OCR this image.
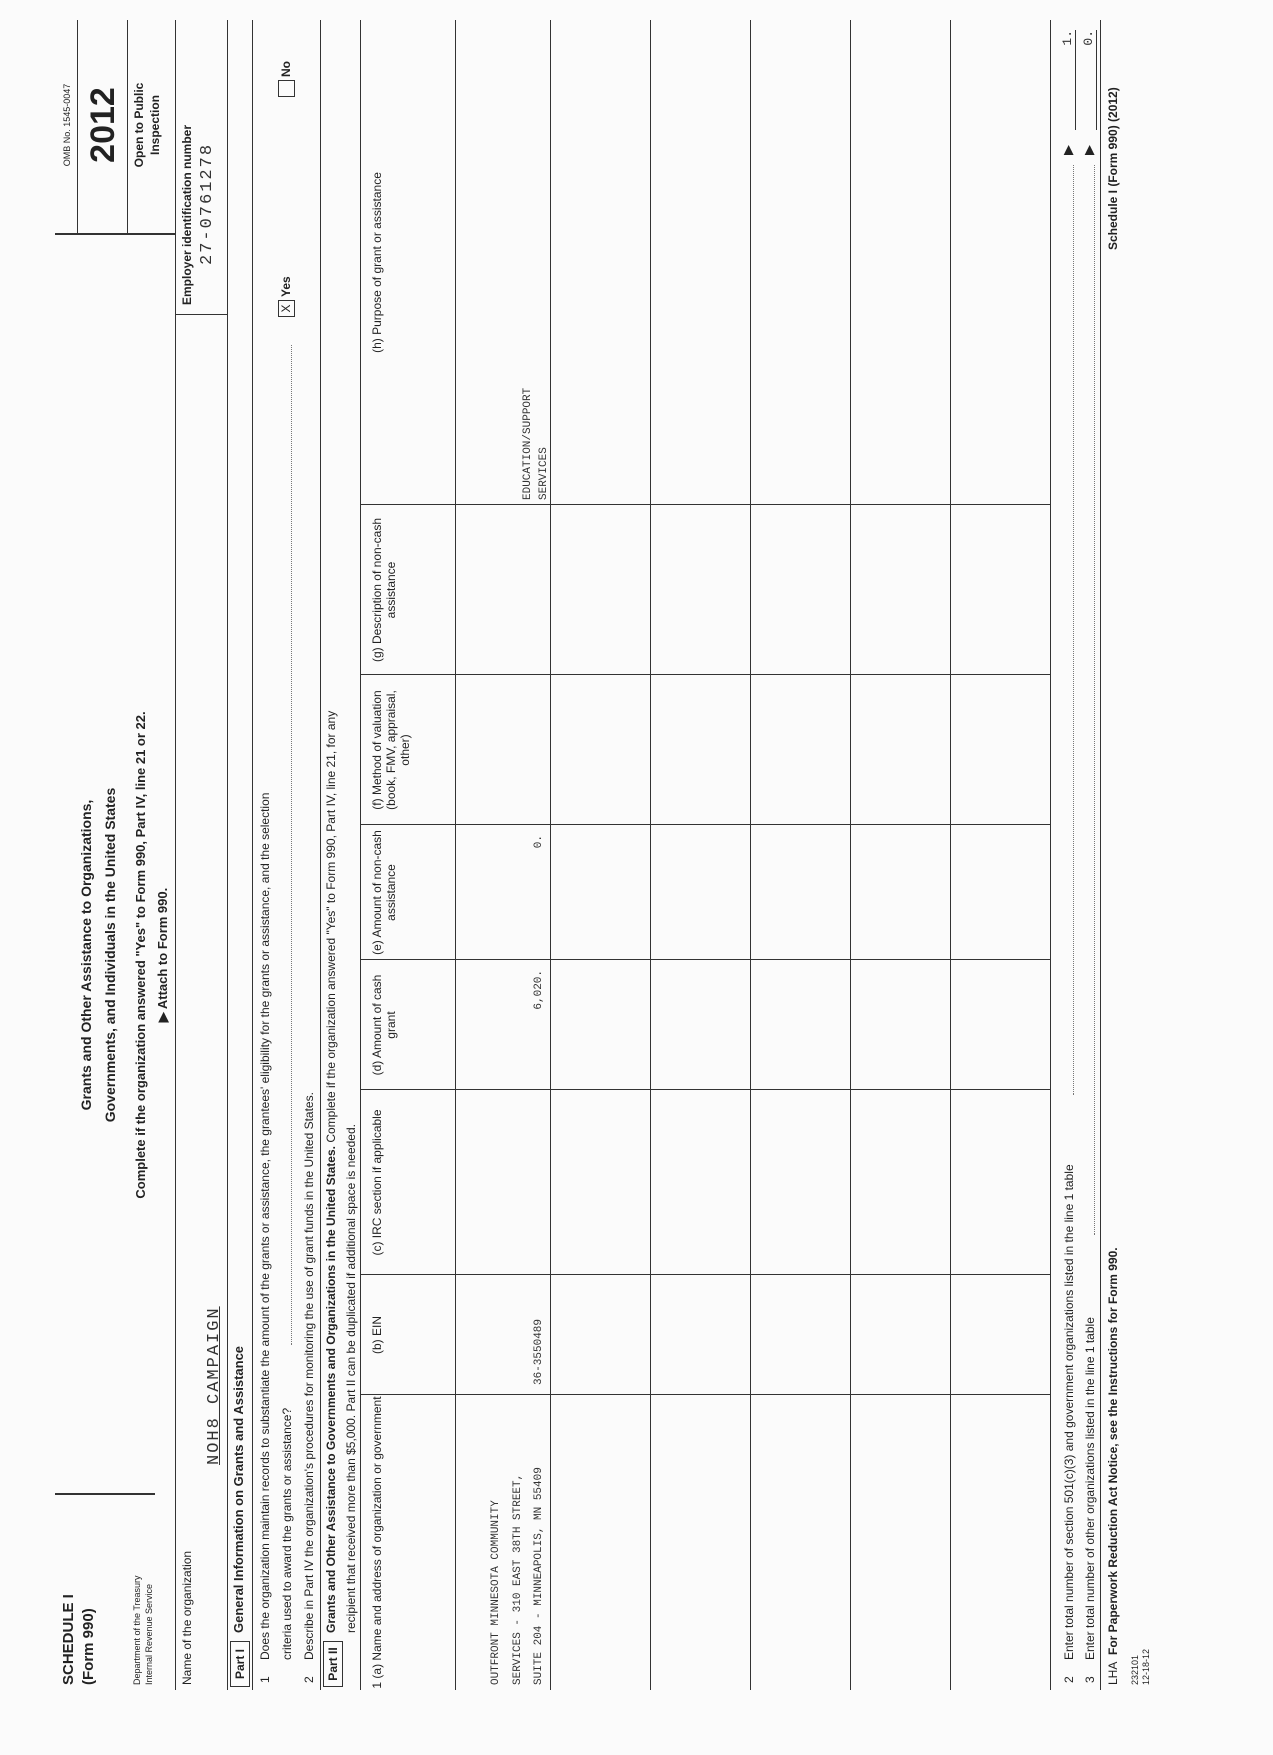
SCHEDULE I (Form 990)	Department of the Treasury Internal Revenue Service
Grants and Other Assistance to Organizations, Governments, and Individuals in the United States Complete if the organization answered "Yes" to Form 990, Part IV, line 21 or 22. ▶ Attach to Form 990.
OMB No. 1545-0047 2012 Open to Public Inspection
Name of the organization
NOH8 CAMPAIGN
Employer identification number 27-0761278
Part I
General Information on Grants and Assistance
1
Does the organization maintain records to substantiate the amount of the grants or assistance, the grantees' eligibility for the grants or assistance, and the selection criteria used to award the grants or assistance?
X
Yes
No
2
Describe in Part IV the organization's procedures for monitoring the use of grant funds in the United States.
Part II
Grants and Other Assistance to Governments and Organizations in the United States. Complete if the organization answered "Yes" to Form 990, Part IV, line 21, for any
recipient that received more than $5,000. Part II can be duplicated if additional space is needed. 1 (a) Name and address of organization or government
(b) EIN
(c) IRC section if applicable
(d) Amount of cash grant
(e) Amount of non-cash assistance
(f) Method of valuation (book, FMV, appraisal, other)
(g) Description of non-cash assistance
(h) Purpose of grant or assistance
OUTFRONT MINNESOTA COMMUNITY SERVICES - 310 EAST 38TH STREET, SUITE 204 - MINNEAPOLIS, MN 55409
36-3550489
6,020.
0.
EDUCATION/SUPPORT SERVICES
2
Enter total number of section 501(c)(3) and government organizations listed in the line 1 table
▶
1.
3
Enter total number of other organizations listed in the line 1 table
▶
0.
LHA
For Paperwork Reduction Act Notice, see the Instructions for Form 990.
Schedule I (Form 990) (2012)
232101 12-18-12
